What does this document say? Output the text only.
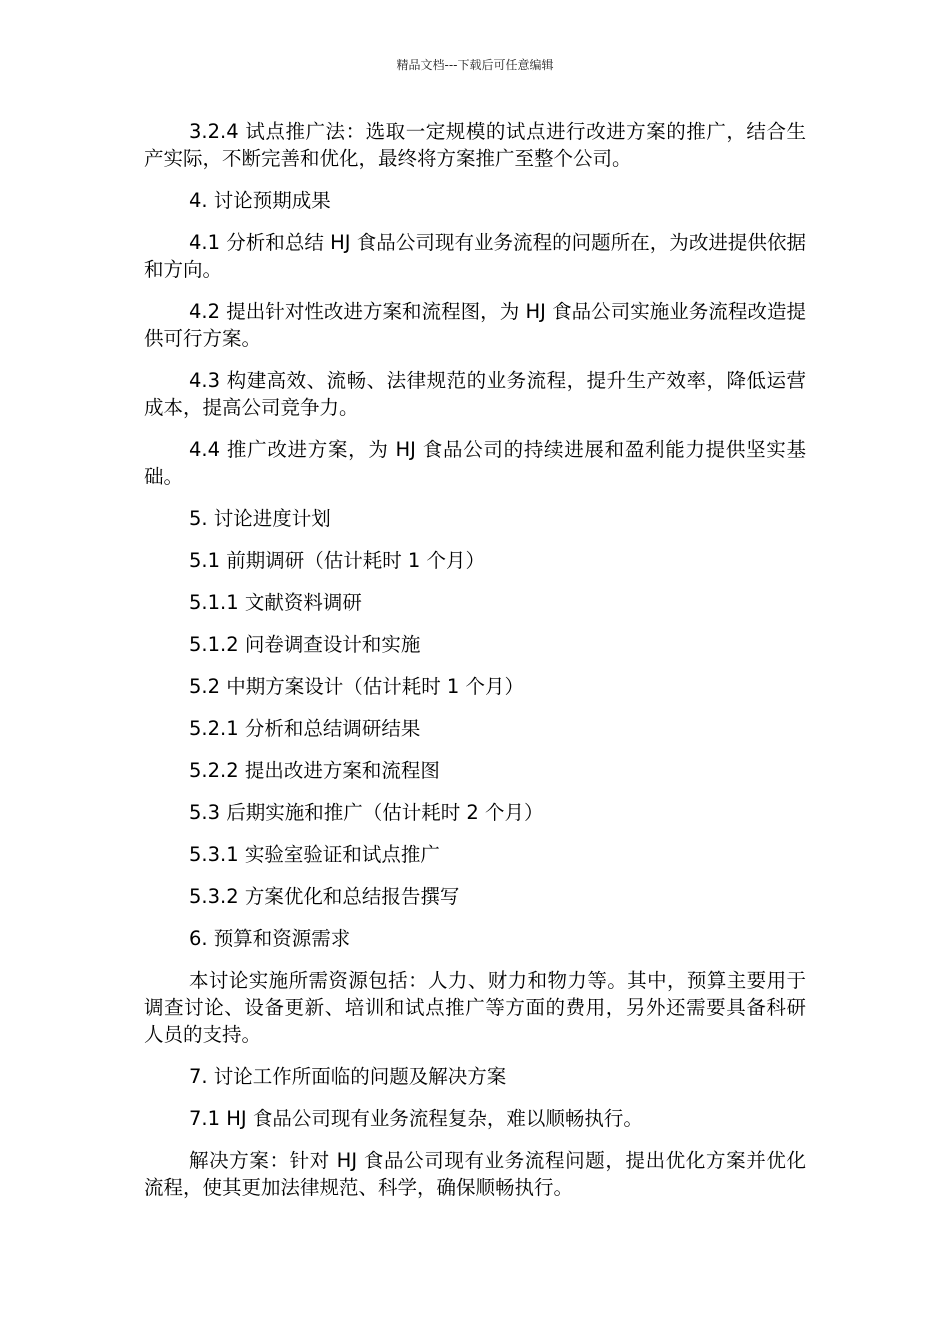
精品文档---下载后可任意编辑

3.2.4 试点推广法：选取一定规模的试点进行改进方案的推广，结合生产实际，不断完善和优化，最终将方案推广至整个公司。

4. 讨论预期成果

4.1 分析和总结 HJ 食品公司现有业务流程的问题所在，为改进提供依据和方向。

4.2 提出针对性改进方案和流程图，为 HJ 食品公司实施业务流程改造提供可行方案。

4.3 构建高效、流畅、法律规范的业务流程，提升生产效率，降低运营成本，提高公司竞争力。

4.4 推广改进方案，为 HJ 食品公司的持续进展和盈利能力提供坚实基础。

5. 讨论进度计划

5.1 前期调研（估计耗时 1 个月）

5.1.1 文献资料调研

5.1.2 问卷调查设计和实施

5.2 中期方案设计（估计耗时 1 个月）

5.2.1 分析和总结调研结果

5.2.2 提出改进方案和流程图

5.3 后期实施和推广（估计耗时 2 个月）

5.3.1 实验室验证和试点推广

5.3.2 方案优化和总结报告撰写

6. 预算和资源需求

本讨论实施所需资源包括：人力、财力和物力等。其中，预算主要用于调查讨论、设备更新、培训和试点推广等方面的费用，另外还需要具备科研人员的支持。

7. 讨论工作所面临的问题及解决方案

7.1 HJ 食品公司现有业务流程复杂，难以顺畅执行。

解决方案：针对 HJ 食品公司现有业务流程问题，提出优化方案并优化流程，使其更加法律规范、科学，确保顺畅执行。
